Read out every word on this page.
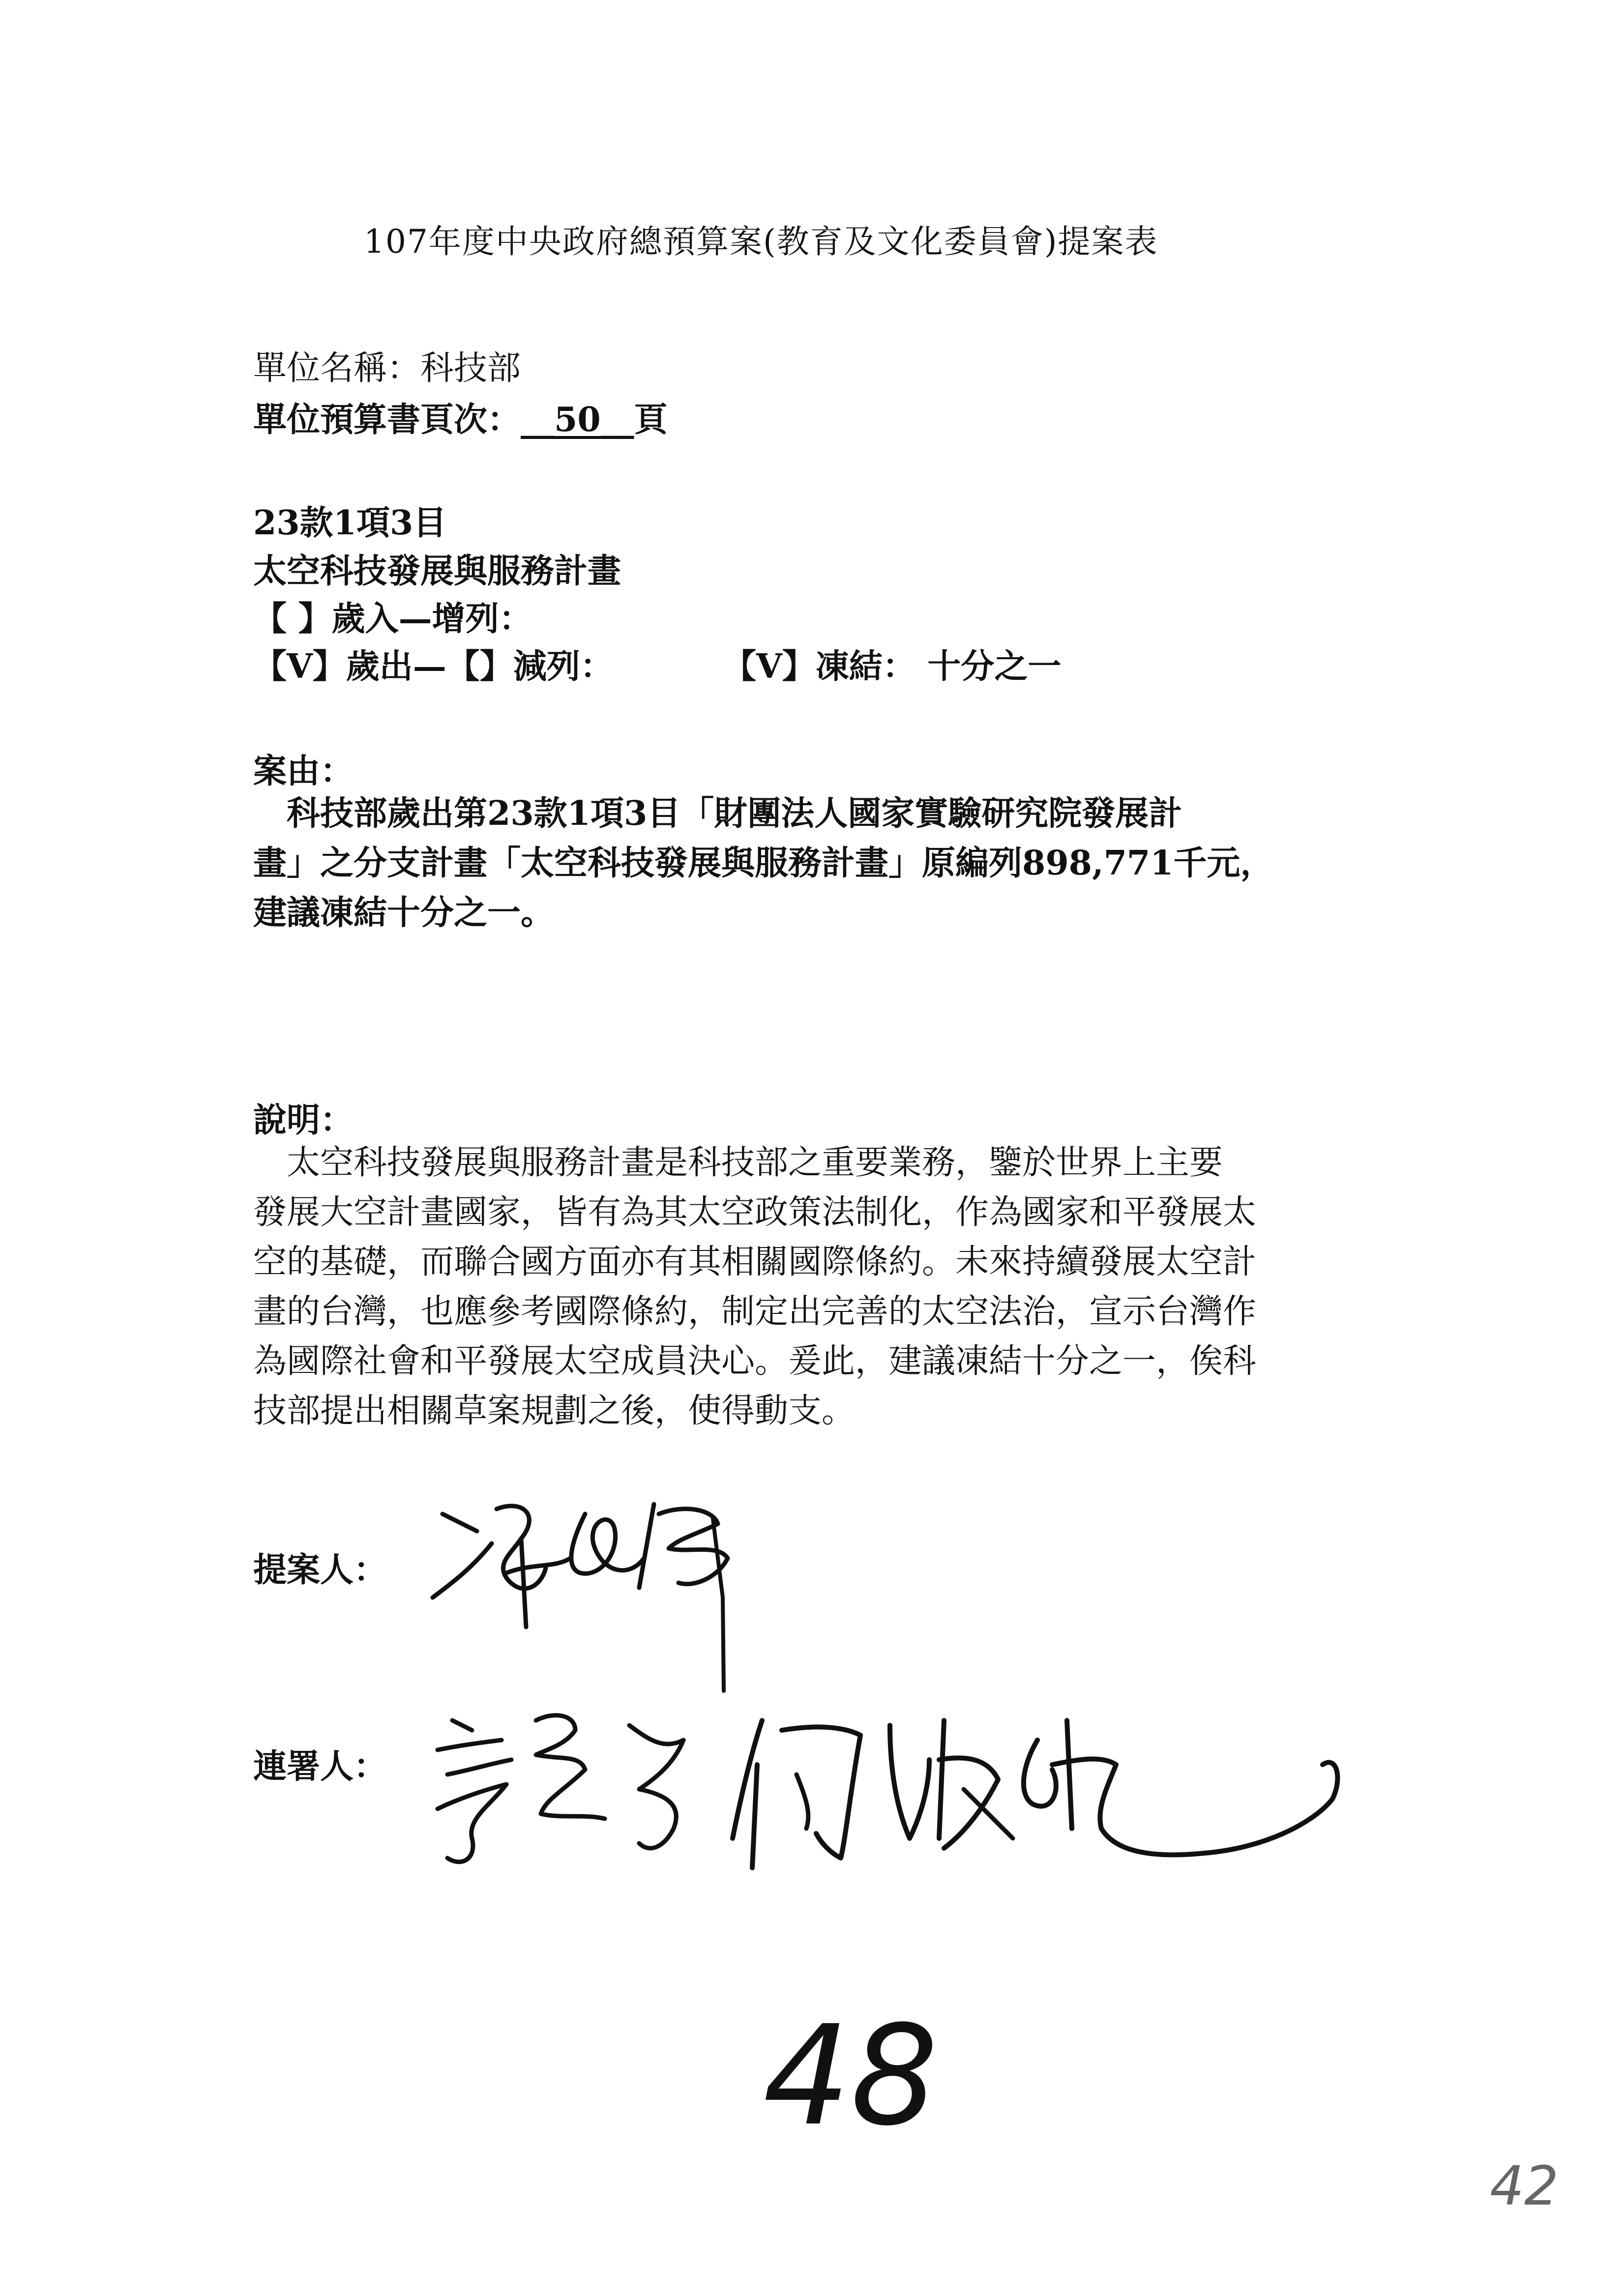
107年度中央政府總預算案(教育及文化委員會)提案表
單位名稱：科技部
單位預算書頁次：__50__頁
23款1項3目
太空科技發展與服務計畫
【 】歲入—增列：
【V】歲出—【】減列：	【V】凍結： 十分之一
案由：
　科技部歲出第23款1項3目「財團法人國家實驗研究院發展計
畫」之分支計畫「太空科技發展與服務計畫」原編列898,771千元，
建議凍結十分之一。
說明：
　太空科技發展與服務計畫是科技部之重要業務，鑒於世界上主要
發展大空計畫國家，皆有為其太空政策法制化，作為國家和平發展太
空的基礎，而聯合國方面亦有其相關國際條約。未來持續發展太空計
畫的台灣，也應參考國際條約，制定出完善的太空法治，宣示台灣作
為國際社會和平發展太空成員決心。爰此，建議凍結十分之一，俟科
技部提出相關草案規劃之後，使得動支。
提案人：
連署人：
48
42
